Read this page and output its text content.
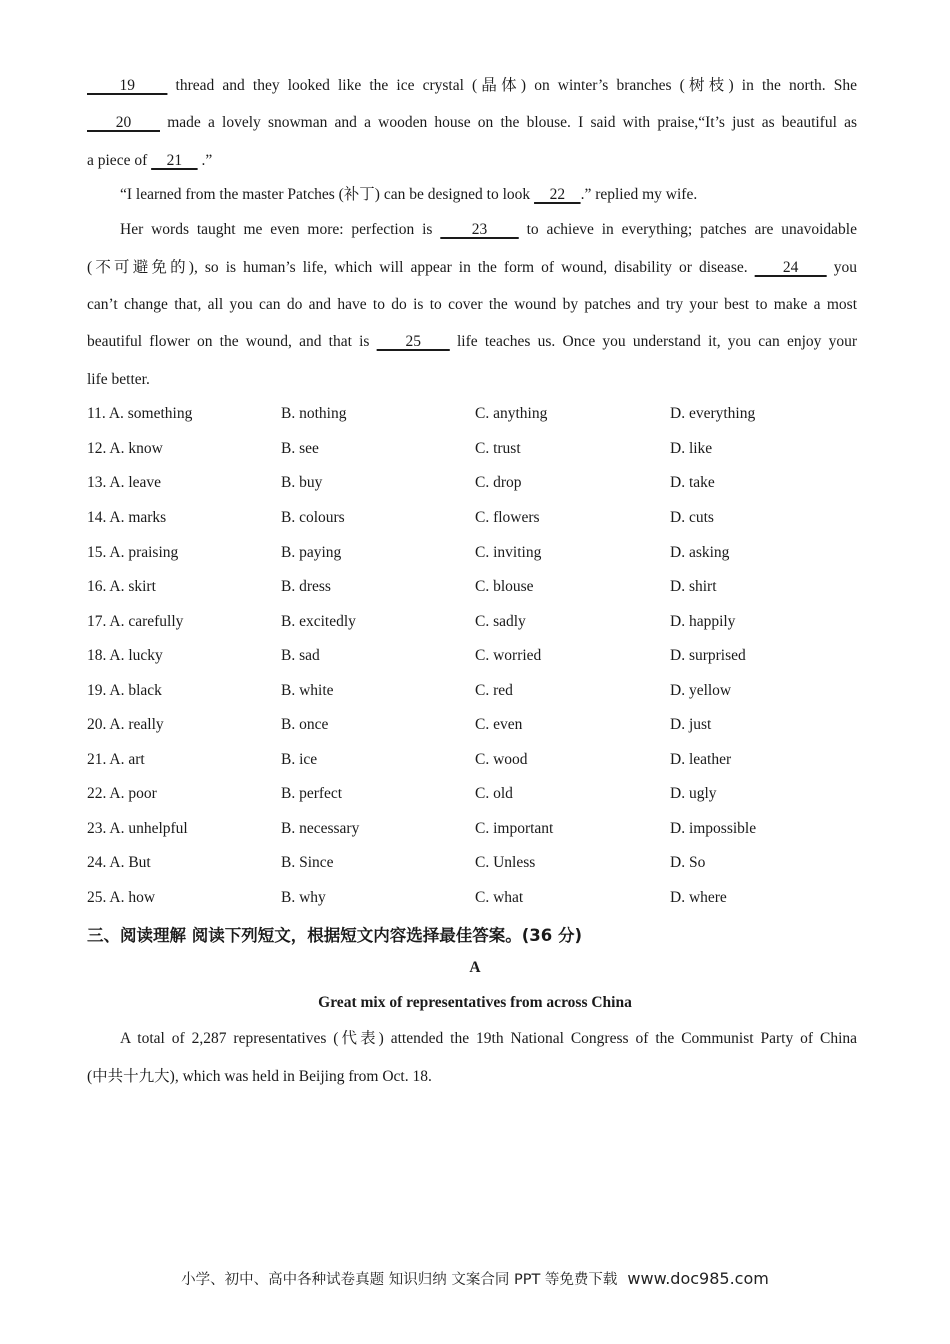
19     thread and they looked like the ice crystal (晶体) on winter’s branches (树枝) in the north. She
20     made a lovely snowman and a wooden house on the blouse. I said with praise,“It’s just as beautiful as
a piece of     21     .”
“I learned from the master Patches (补丁) can be designed to look     22    .” replied my wife.
Her words taught me even more: perfection is     23     to achieve in everything; patches are unavoidable
(不可避免的), so is human’s life, which will appear in the form of wound, disability or disease.     24     you
can’t change that, all you can do and have to do is to cover the wound by patches and try your best to make a most
beautiful flower on the wound, and that is     25     life teaches us. Once you understand it, you can enjoy your
life better.
11. A. something	B. nothing	C. anything	D. everything
12. A. know	B. see	C. trust	D. like
13. A. leave	B. buy	C. drop	D. take
14. A. marks	B. colours	C. flowers	D. cuts
15. A. praising	B. paying	C. inviting	D. asking
16. A. skirt	B. dress	C. blouse	D. shirt
17. A. carefully	B. excitedly	C. sadly	D. happily
18. A. lucky	B. sad	C. worried	D. surprised
19. A. black	B. white	C. red	D. yellow
20. A. really	B. once	C. even	D. just
21. A. art	B. ice	C. wood	D. leather
22. A. poor	B. perfect	C. old	D. ugly
23. A. unhelpful	B. necessary	C. important	D. impossible
24. A. But	B. Since	C. Unless	D. So
25. A. how	B. why	C. what	D. where
三、阅读理解 阅读下列短文，根据短文内容选择最佳答案。(36 分)
A
Great mix of representatives from across China
A total of 2,287 representatives (代表) attended the 19th National Congress of the Communist Party of China
(中共十九大), which was held in Beijing from Oct. 18.
小学、初中、高中各种试卷真题 知识归纳 文案合同 PPT 等免费下载 www.doc985.com
